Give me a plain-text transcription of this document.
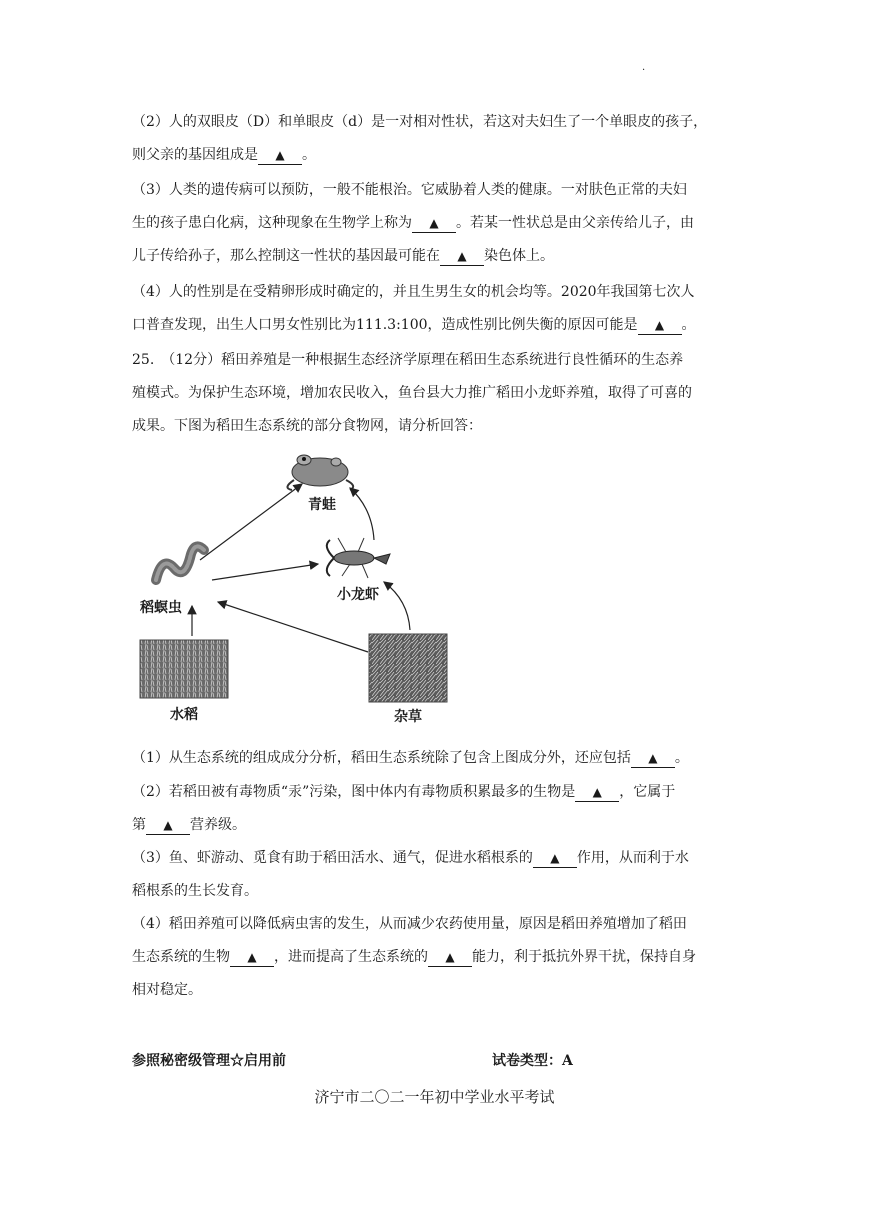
.
（2）人的双眼皮（D）和单眼皮（d）是一对相对性状，若这对夫妇生了一个单眼皮的孩子，
则父亲的基因组成是 ▲ 。
（3）人类的遗传病可以预防，一般不能根治。它威胁着人类的健康。一对肤色正常的夫妇
生的孩子患白化病，这种现象在生物学上称为 ▲ 。若某一性状总是由父亲传给儿子，由
儿子传给孙子，那么控制这一性状的基因最可能在 ▲ 染色体上。
（4）人的性别是在受精卵形成时确定的，并且生男生女的机会均等。2020年我国第七次人
口普查发现，出生人口男女性别比为111.3:100，造成性别比例失衡的原因可能是 ▲ 。
25.　（12分）稻田养殖是一种根据生态经济学原理在稻田生态系统进行良性循环的生态养
殖模式。为保护生态环境，增加农民收入，鱼台县大力推广稻田小龙虾养殖，取得了可喜的
成果。下图为稻田生态系统的部分食物网，请分析回答：
青蛙
小龙虾
稻螟虫
水稻	杂草
（1）从生态系统的组成成分分析，稻田生态系统除了包含上图成分外，还应包括 ▲ 。
（2）若稻田被有毒物质“汞”污染，图中体内有毒物质积累最多的生物是 ▲ ，它属于
第 ▲ 营养级。
（3）鱼、虾游动、觅食有助于稻田活水、通气，促进水稻根系的 ▲ 作用，从而利于水
稻根系的生长发育。
（4）稻田养殖可以降低病虫害的发生，从而减少农药使用量，原因是稻田养殖增加了稻田
生态系统的生物 ▲ ，进而提高了生态系统的 ▲ 能力，利于抵抗外界干扰，保持自身
相对稳定。
参照秘密级管理☆启用前	试卷类型：A
济宁市二〇二一年初中学业水平考试
